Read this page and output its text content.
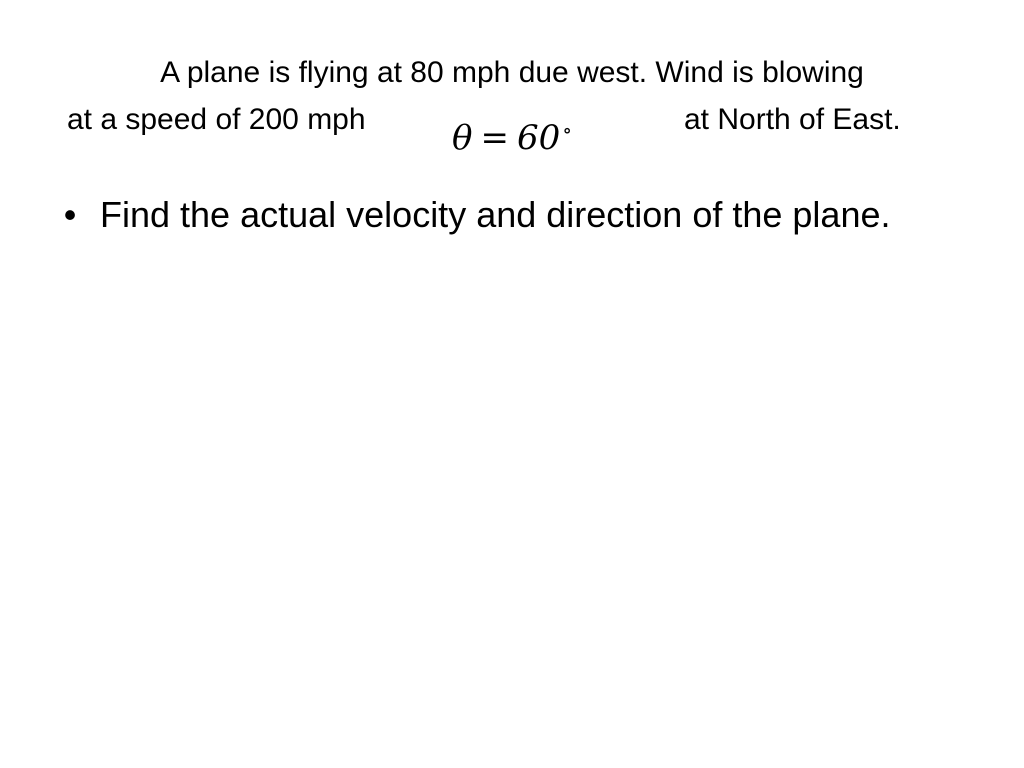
A plane is flying at 80 mph due west. Wind is blowing
at a speed of 200 mph	θ = 60 ∘	at North of East.
• Find the actual velocity and direction of the plane.
